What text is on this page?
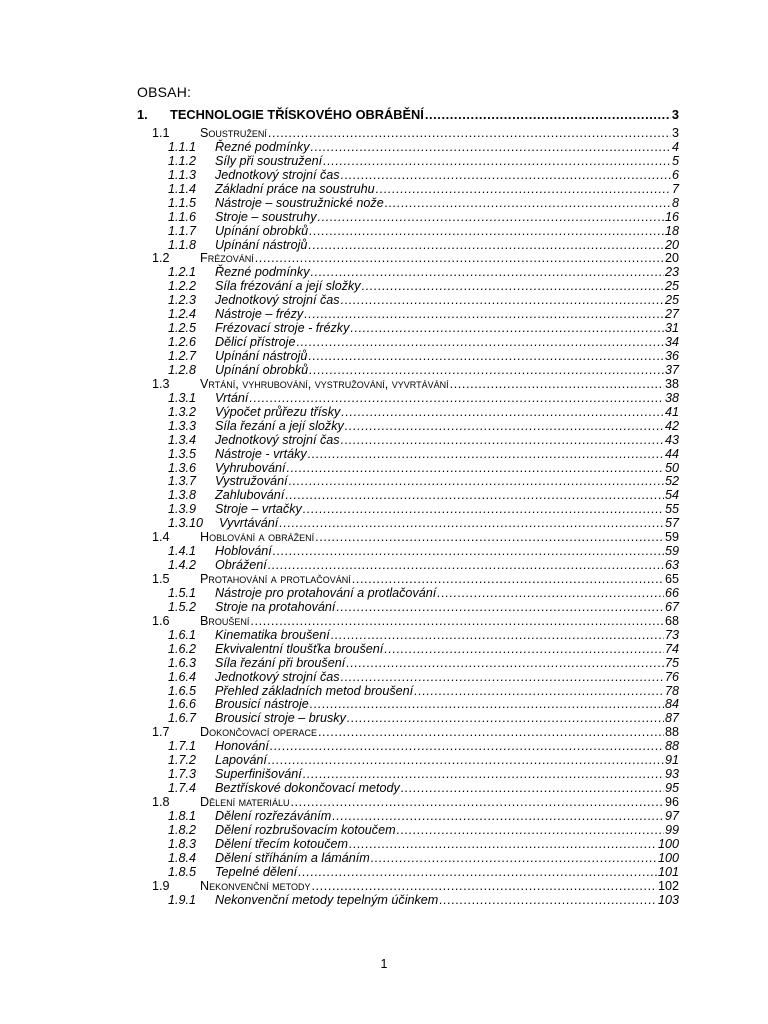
OBSAH:
1.	TECHNOLOGIE TŘÍSKOVÉHO OBRÁBĚNÍ .....	3
1.1	Soustružení .....	3
1.1.1	Řezné podmínky .....	4
1.1.2	Síly při soustružení .....	5
1.1.3	Jednotkový strojní čas .....	6
1.1.4	Základní práce na soustruhu .....	7
1.1.5	Nástroje – soustružnické nože .....	8
1.1.6	Stroje – soustruhy .....	16
1.1.7	Upínání obrobků .....	18
1.1.8	Upínání nástrojů .....	20
1.2	Frézování .....	20
1.2.1	Řezné podmínky .....	23
1.2.2	Síla frézování a její složky .....	25
1.2.3	Jednotkový strojní čas .....	25
1.2.4	Nástroje – frézy .....	27
1.2.5	Frézovací stroje - frézky .....	31
1.2.6	Dělicí přístroje .....	34
1.2.7	Upínání nástrojů .....	36
1.2.8	Upínání obrobků .....	37
1.3	Vrtání, vyhrubování, vystružování, vyvrtávání .....	38
1.3.1	Vrtání .....	38
1.3.2	Výpočet průřezu třísky .....	41
1.3.3	Síla řezání a její složky .....	42
1.3.4	Jednotkový strojní čas .....	43
1.3.5	Nástroje - vrtáky .....	44
1.3.6	Vyhrubování .....	50
1.3.7	Vystružování .....	52
1.3.8	Zahlubování .....	54
1.3.9	Stroje – vrtačky .....	55
1.3.10	Vyvrtávání .....	57
1.4	Hoblování a obrážení .....	59
1.4.1	Hoblování .....	59
1.4.2	Obrážení .....	63
1.5	Protahování a protlačování .....	65
1.5.1	Nástroje pro protahování a protlačování .....	66
1.5.2	Stroje na protahování .....	67
1.6	Broušení .....	68
1.6.1	Kinematika broušení .....	73
1.6.2	Ekvivalentní tloušťka broušení .....	74
1.6.3	Síla řezání při broušení .....	75
1.6.4	Jednotkový strojní čas .....	76
1.6.5	Přehled základních metod broušení .....	78
1.6.6	Brousicí nástroje .....	84
1.6.7	Brousicí stroje – brusky .....	87
1.7	Dokončovací operace .....	88
1.7.1	Honování .....	88
1.7.2	Lapování .....	91
1.7.3	Superfinišování .....	93
1.7.4	Beztřískové dokončovací metody .....	95
1.8	Dělení materiálu .....	96
1.8.1	Dělení rozřezáváním .....	97
1.8.2	Dělení rozbrušovacím kotoučem .....	99
1.8.3	Dělení třecím kotoučem .....	100
1.8.4	Dělení stříháním a lámáním .....	100
1.8.5	Tepelné dělení .....	101
1.9	Nekonvenční metody .....	102
1.9.1	Nekonvenční metody tepelným účinkem .....	103
1
